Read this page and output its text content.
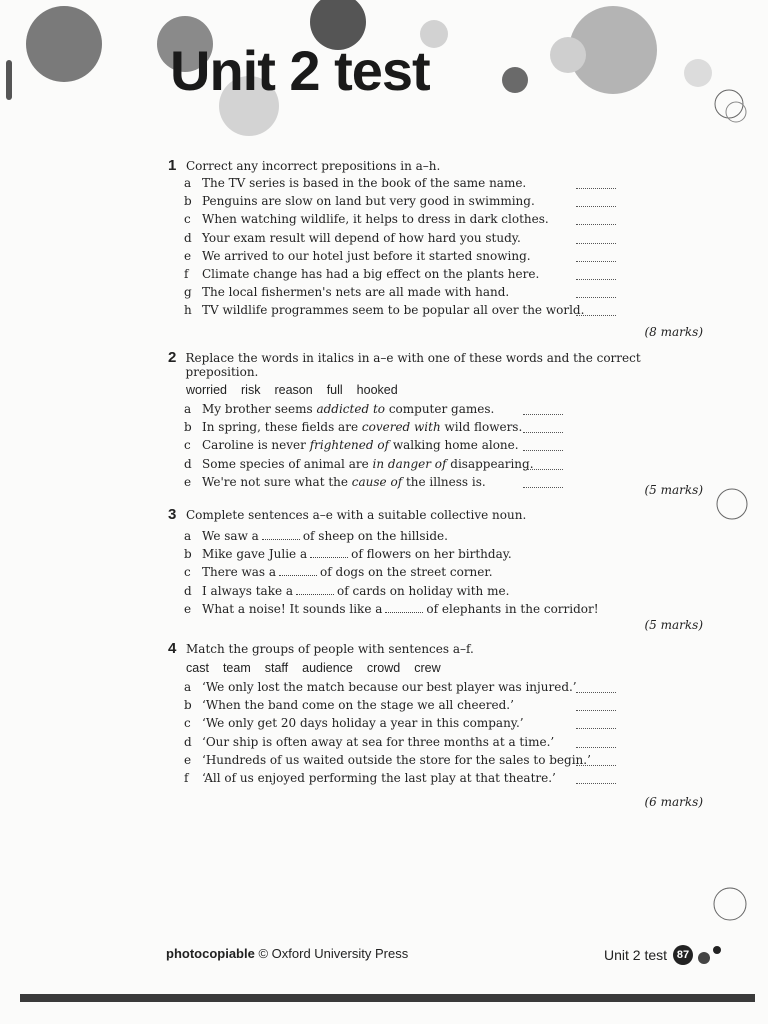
Unit 2 test
1 Correct any incorrect prepositions in a–h.
a The TV series is based in the book of the same name.
b Penguins are slow on land but very good in swimming.
c When watching wildlife, it helps to dress in dark clothes.
d Your exam result will depend of how hard you study.
e We arrived to our hotel just before it started snowing.
f	Climate change has had a big effect on the plants here.
g The local fishermen's nets are all made with hand.
h TV wildlife programmes seem to be popular all over the world.
(8 marks)
2 Replace the words in italics in a–e with one of these words and the correct preposition.
worried risk reason full hooked
a My brother seems addicted to computer games.
b In spring, these fields are covered with wild flowers.
c Caroline is never frightened of walking home alone.
d Some species of animal are in danger of disappearing.
e We're not sure what the cause of the illness is.
(5 marks)
3 Complete sentences a–e with a suitable collective noun.
a We saw a	of sheep on the hillside.
b Mike gave Julie a	of flowers on her birthday.
c There was a	of dogs on the street corner.
d I always take a	of cards on holiday with me.
e What a noise! It sounds like a	of elephants in the corridor!
(5 marks)
4 Match the groups of people with sentences a–f.
cast team staff audience crowd crew
a ‘We only lost the match because our best player was injured.’
b ‘When the band come on the stage we all cheered.’
c ‘We only get 20 days holiday a year in this company.’
d ‘Our ship is often away at sea for three months at a time.’
e ‘Hundreds of us waited outside the store for the sales to begin.’
f	‘All of us enjoyed performing the last play at that theatre.’
(6 marks)
photocopiable © Oxford University Press	Unit 2 test 87
